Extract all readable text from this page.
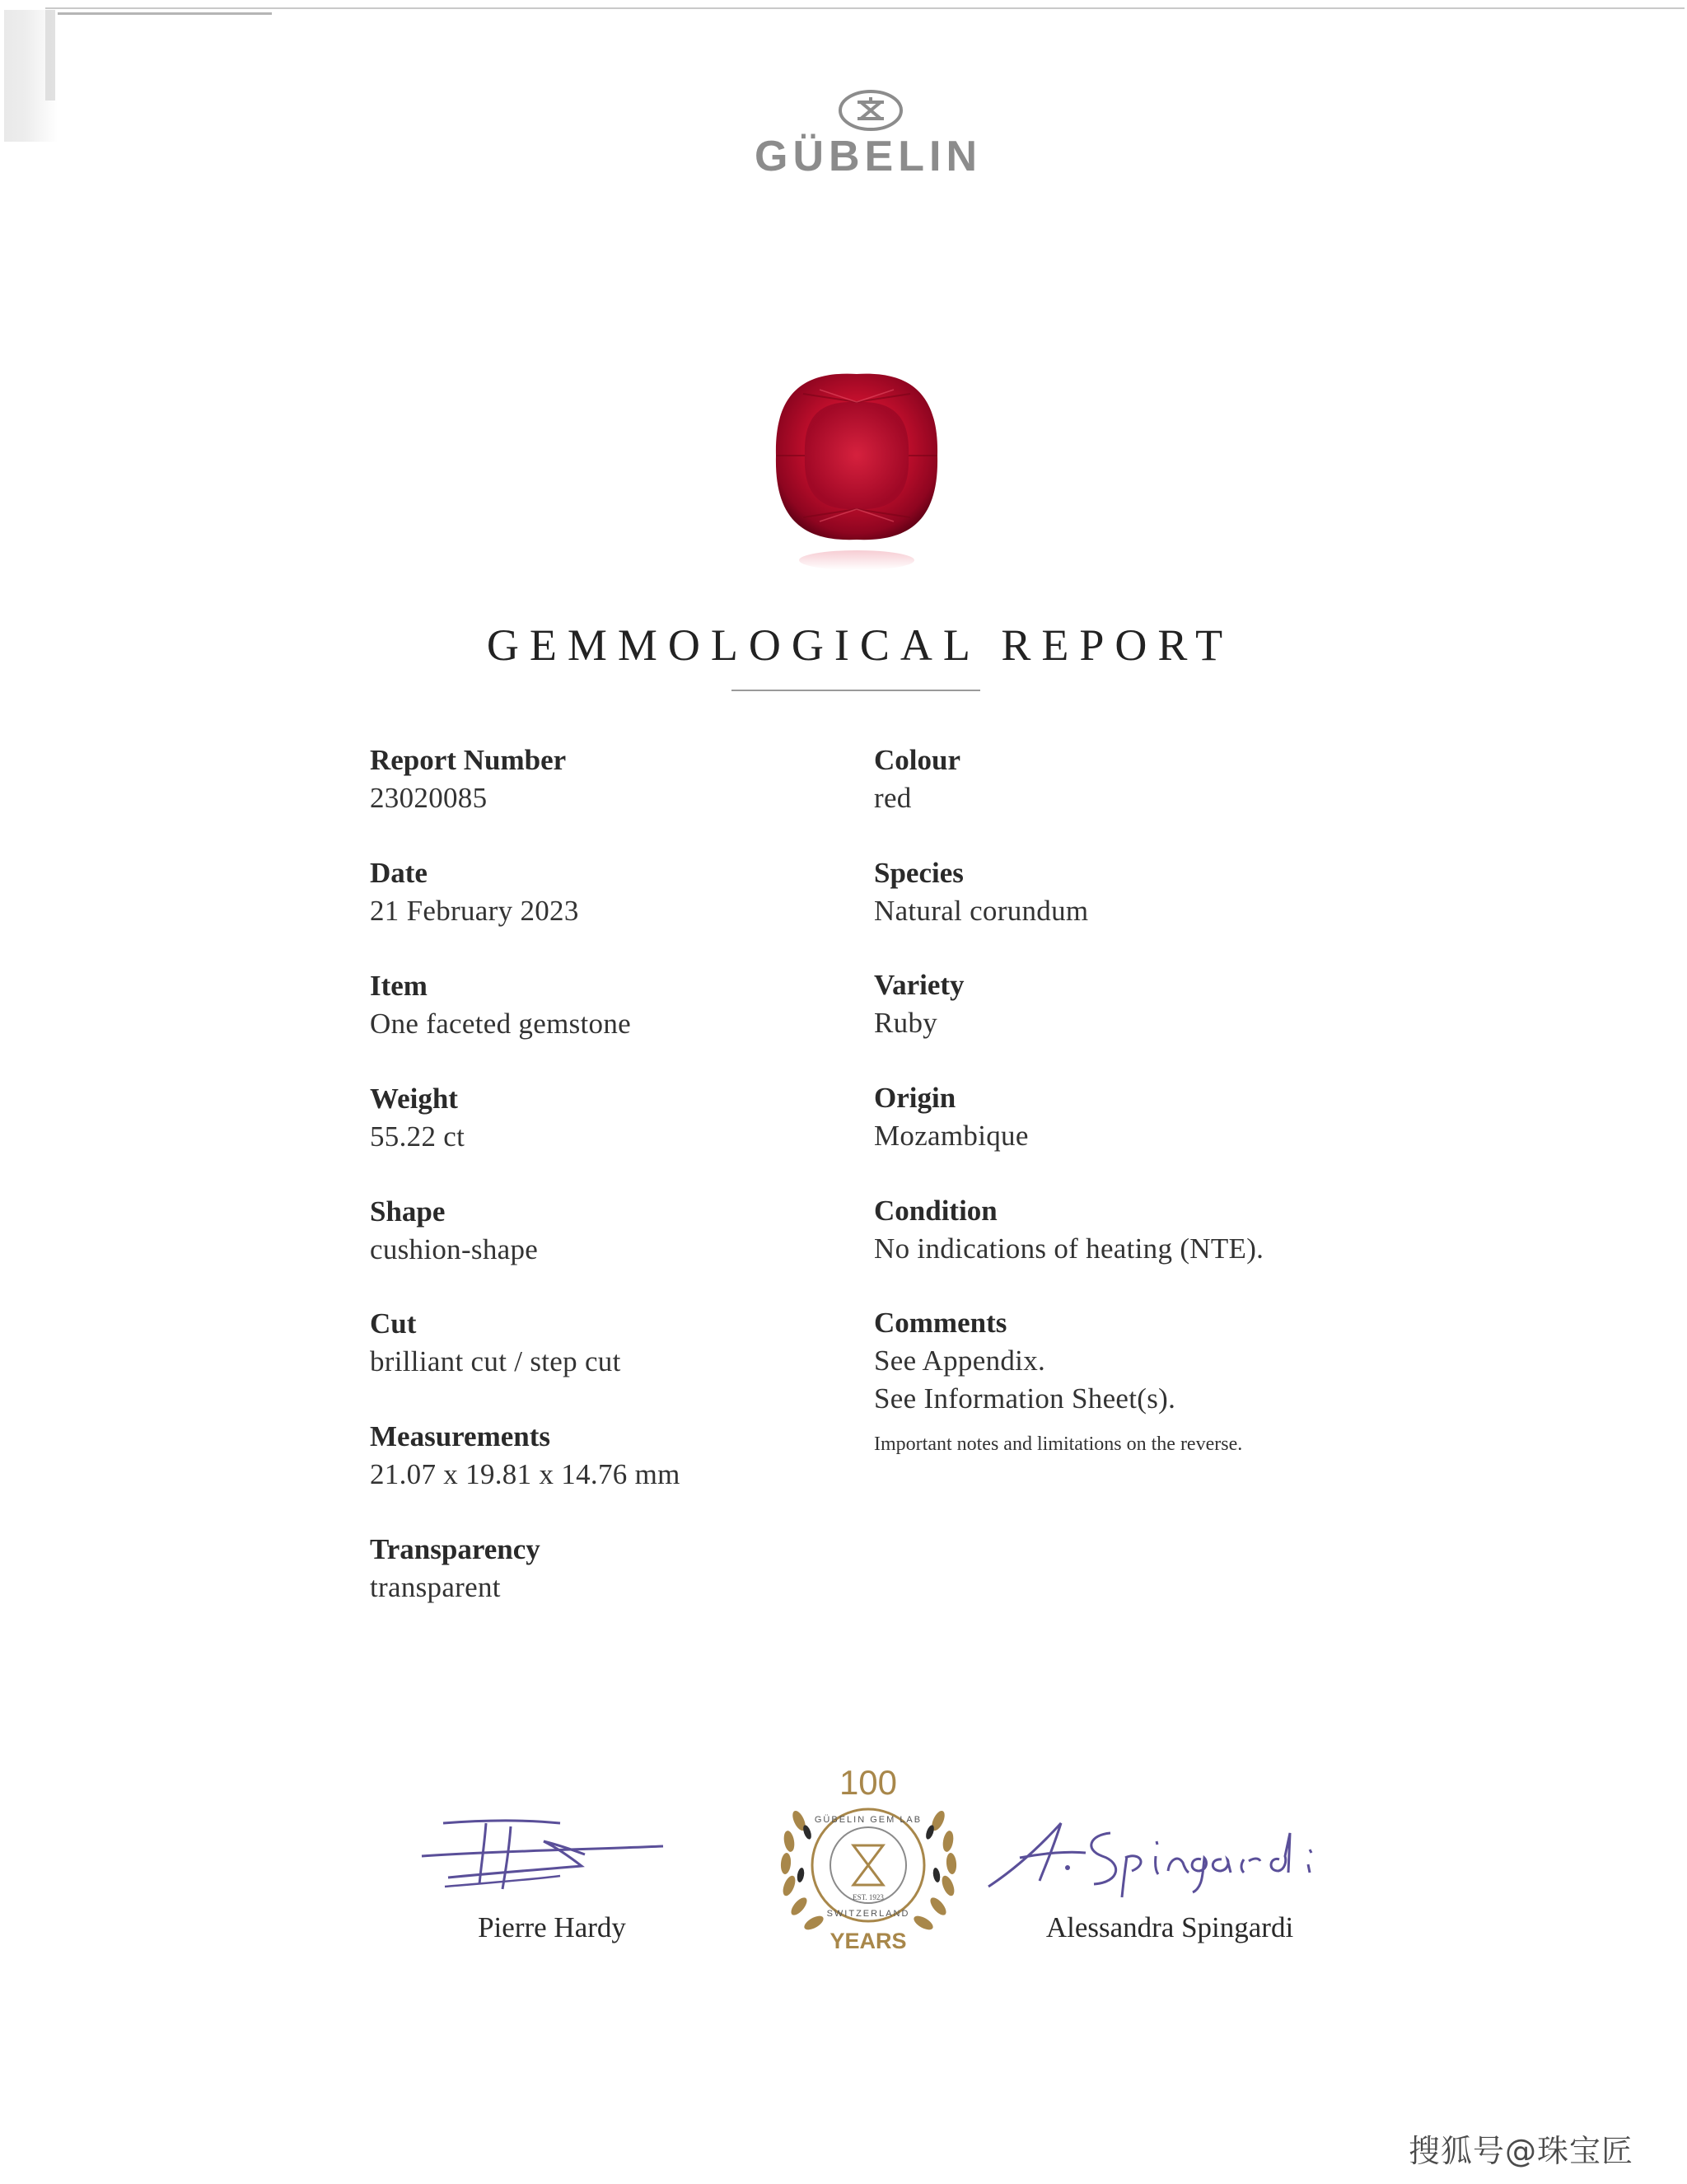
GÜBELIN
GEMMOLOGICAL REPORT
Report Number
23020085
Date
21 February 2023
Item
One faceted gemstone
Weight
55.22 ct
Shape
cushion-shape
Cut
brilliant cut / step cut
Measurements
21.07 x 19.81 x 14.76 mm
Transparency
transparent
Colour
red
Species
Natural corundum
Variety
Ruby
Origin
Mozambique
Condition
No indications of heating (NTE).
Comments
See Appendix.
See Information Sheet(s).
Important notes and limitations on the reverse.
Pierre Hardy
100
GÜBELIN GEM LAB
EST. 1923
SWITZERLAND
YEARS	Alessandra Spingardi
搜狐号@珠宝匠
